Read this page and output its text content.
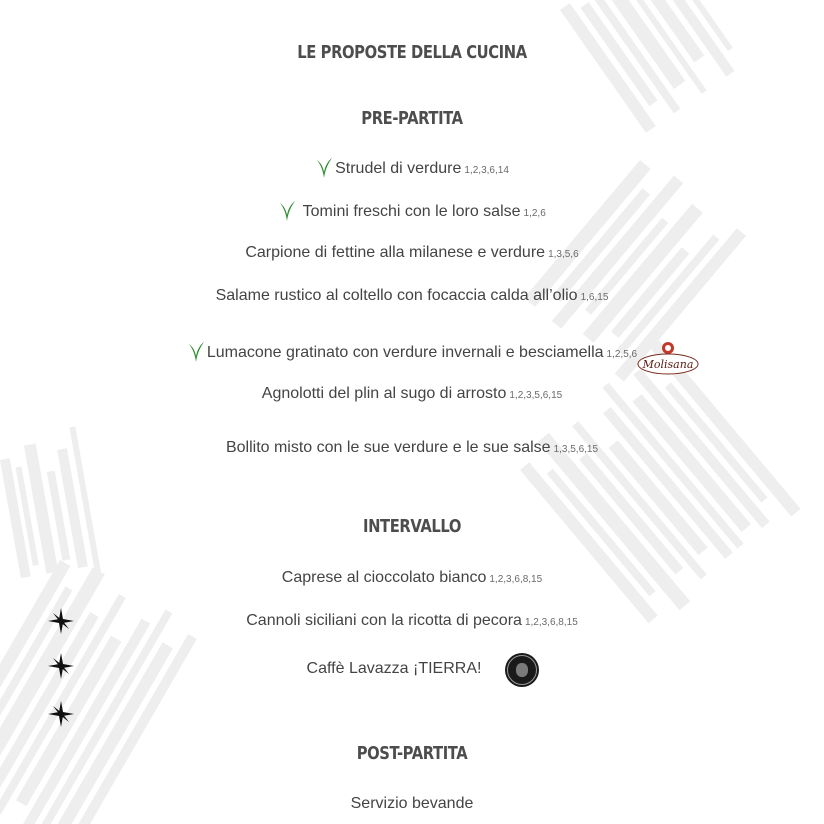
LE PROPOSTE DELLA CUCINA
PRE-PARTITA
Strudel di verdure 1,2,3,6,14
Tomini freschi con le loro salse 1,2,6
Carpione di fettine alla milanese e verdure 1,3,5,6
Salame rustico al coltello con focaccia calda all’olio 1,6,15
Lumacone gratinato con verdure invernali e besciamella 1,2,5,6
Molisana
Agnolotti del plin al sugo di arrosto 1,2,3,5,6,15
Bollito misto con le sue verdure e le sue salse 1,3,5,6,15
INTERVALLO
Caprese al cioccolato bianco 1,2,3,6,8,15
Cannoli siciliani con la ricotta di pecora 1,2,3,6,8,15
Caffè Lavazza ¡TIERRA!
POST-PARTITA
Servizio bevande
